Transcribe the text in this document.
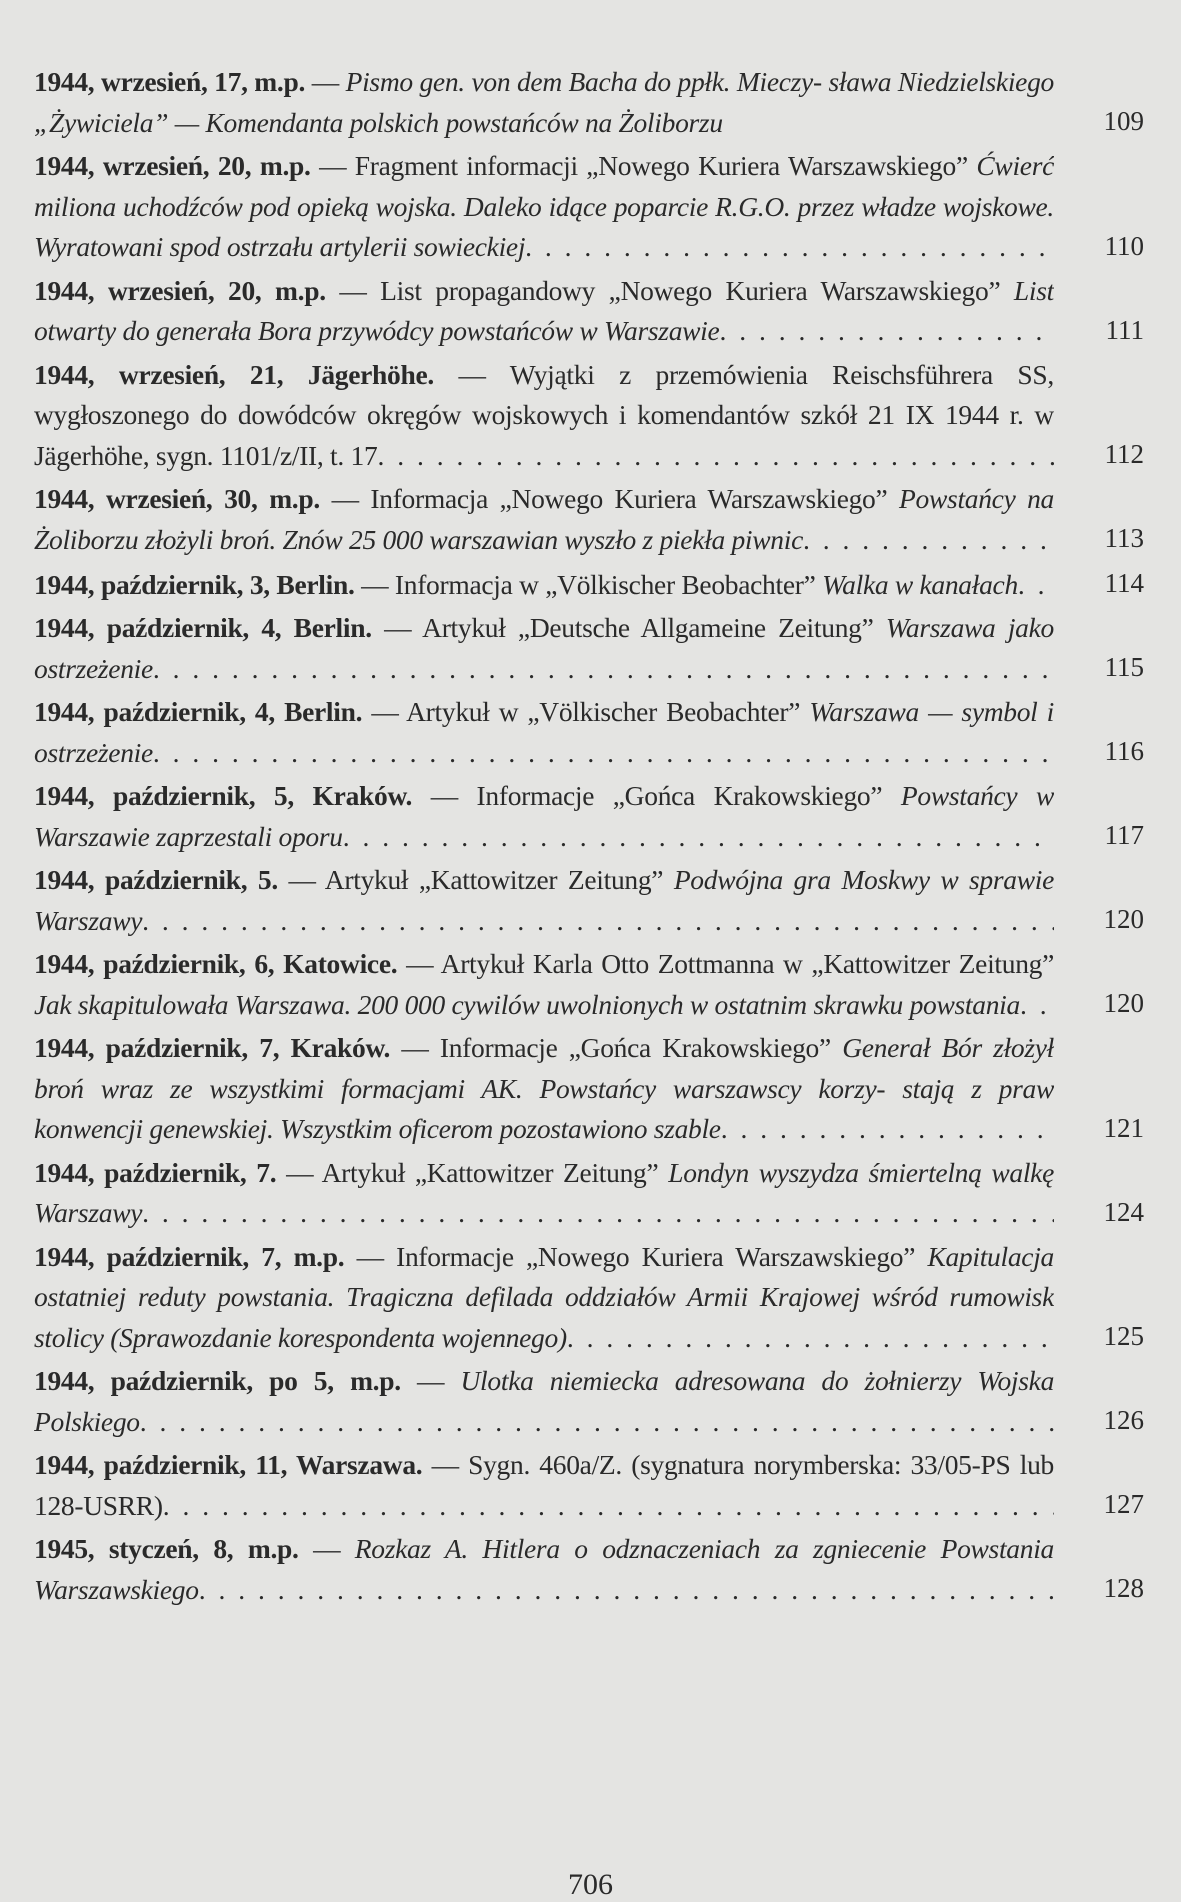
1944, wrzesień, 17, m.p. — Pismo gen. von dem Bacha do ppłk. Mieczy- sława Niedzielskiego „Żywiciela” — Komendanta polskich powstańców na Żoliborzu	109
1944, wrzesień, 20, m.p. — Fragment informacji „Nowego Kuriera Warszawskiego” Ćwierć miliona uchodźców pod opieką wojska. Daleko idące poparcie R.G.O. przez władze wojskowe. Wyratowani spod ostrzału artylerii sowieckiej	110
1944, wrzesień, 20, m.p. — List propagandowy „Nowego Kuriera Warszawskiego” List otwarty do generała Bora przywódcy powstańców w Warszawie	111
1944, wrzesień, 21, Jägerhöhe. — Wyjątki z przemówienia Reischsführera SS, wygłoszonego do dowódców okręgów wojskowych i komendantów szkół 21 IX 1944 r. w Jägerhöhe, sygn. 1101/z/II, t. 17	112
1944, wrzesień, 30, m.p. — Informacja „Nowego Kuriera Warszawskiego” Powstańcy na Żoliborzu złożyli broń. Znów 25 000 warszawian wyszło z piekła piwnic	113
1944, październik, 3, Berlin. — Informacja w „Völkischer Beobachter” Walka w kanałach	114
1944, październik, 4, Berlin. — Artykuł „Deutsche Allgameine Zeitung” Warszawa jako ostrzeżenie	115
1944, październik, 4, Berlin. — Artykuł w „Völkischer Beobachter” Warszawa — symbol i ostrzeżenie	116
1944, październik, 5, Kraków. — Informacje „Gońca Krakowskiego” Powstańcy w Warszawie zaprzestali oporu	117
1944, październik, 5. — Artykuł „Kattowitzer Zeitung” Podwójna gra Moskwy w sprawie Warszawy	120
1944, październik, 6, Katowice. — Artykuł Karla Otto Zottmanna w „Kattowitzer Zeitung” Jak skapitulowała Warszawa. 200 000 cywilów uwolnionych w ostatnim skrawku powstania	120
1944, październik, 7, Kraków. — Informacje „Gońca Krakowskiego” Generał Bór złożył broń wraz ze wszystkimi formacjami AK. Powstańcy warszawscy korzy- stają z praw konwencji genewskiej. Wszystkim oficerom pozostawiono szable	121
1944, październik, 7. — Artykuł „Kattowitzer Zeitung” Londyn wyszydza śmiertelną walkę Warszawy	124
1944, październik, 7, m.p. — Informacje „Nowego Kuriera Warszawskiego” Kapitulacja ostatniej reduty powstania. Tragiczna defilada oddziałów Armii Krajowej wśród rumowisk stolicy (Sprawozdanie korespondenta wojennego)	125
1944, październik, po 5, m.p. — Ulotka niemiecka adresowana do żołnierzy Wojska Polskiego	126
1944, październik, 11, Warszawa. — Sygn. 460a/Z. (sygnatura norymberska: 33/05-PS lub 128-USRR)	127
1945, styczeń, 8, m.p. — Rozkaz A. Hitlera o odznaczeniach za zgniecenie Powstania Warszawskiego	128
706
